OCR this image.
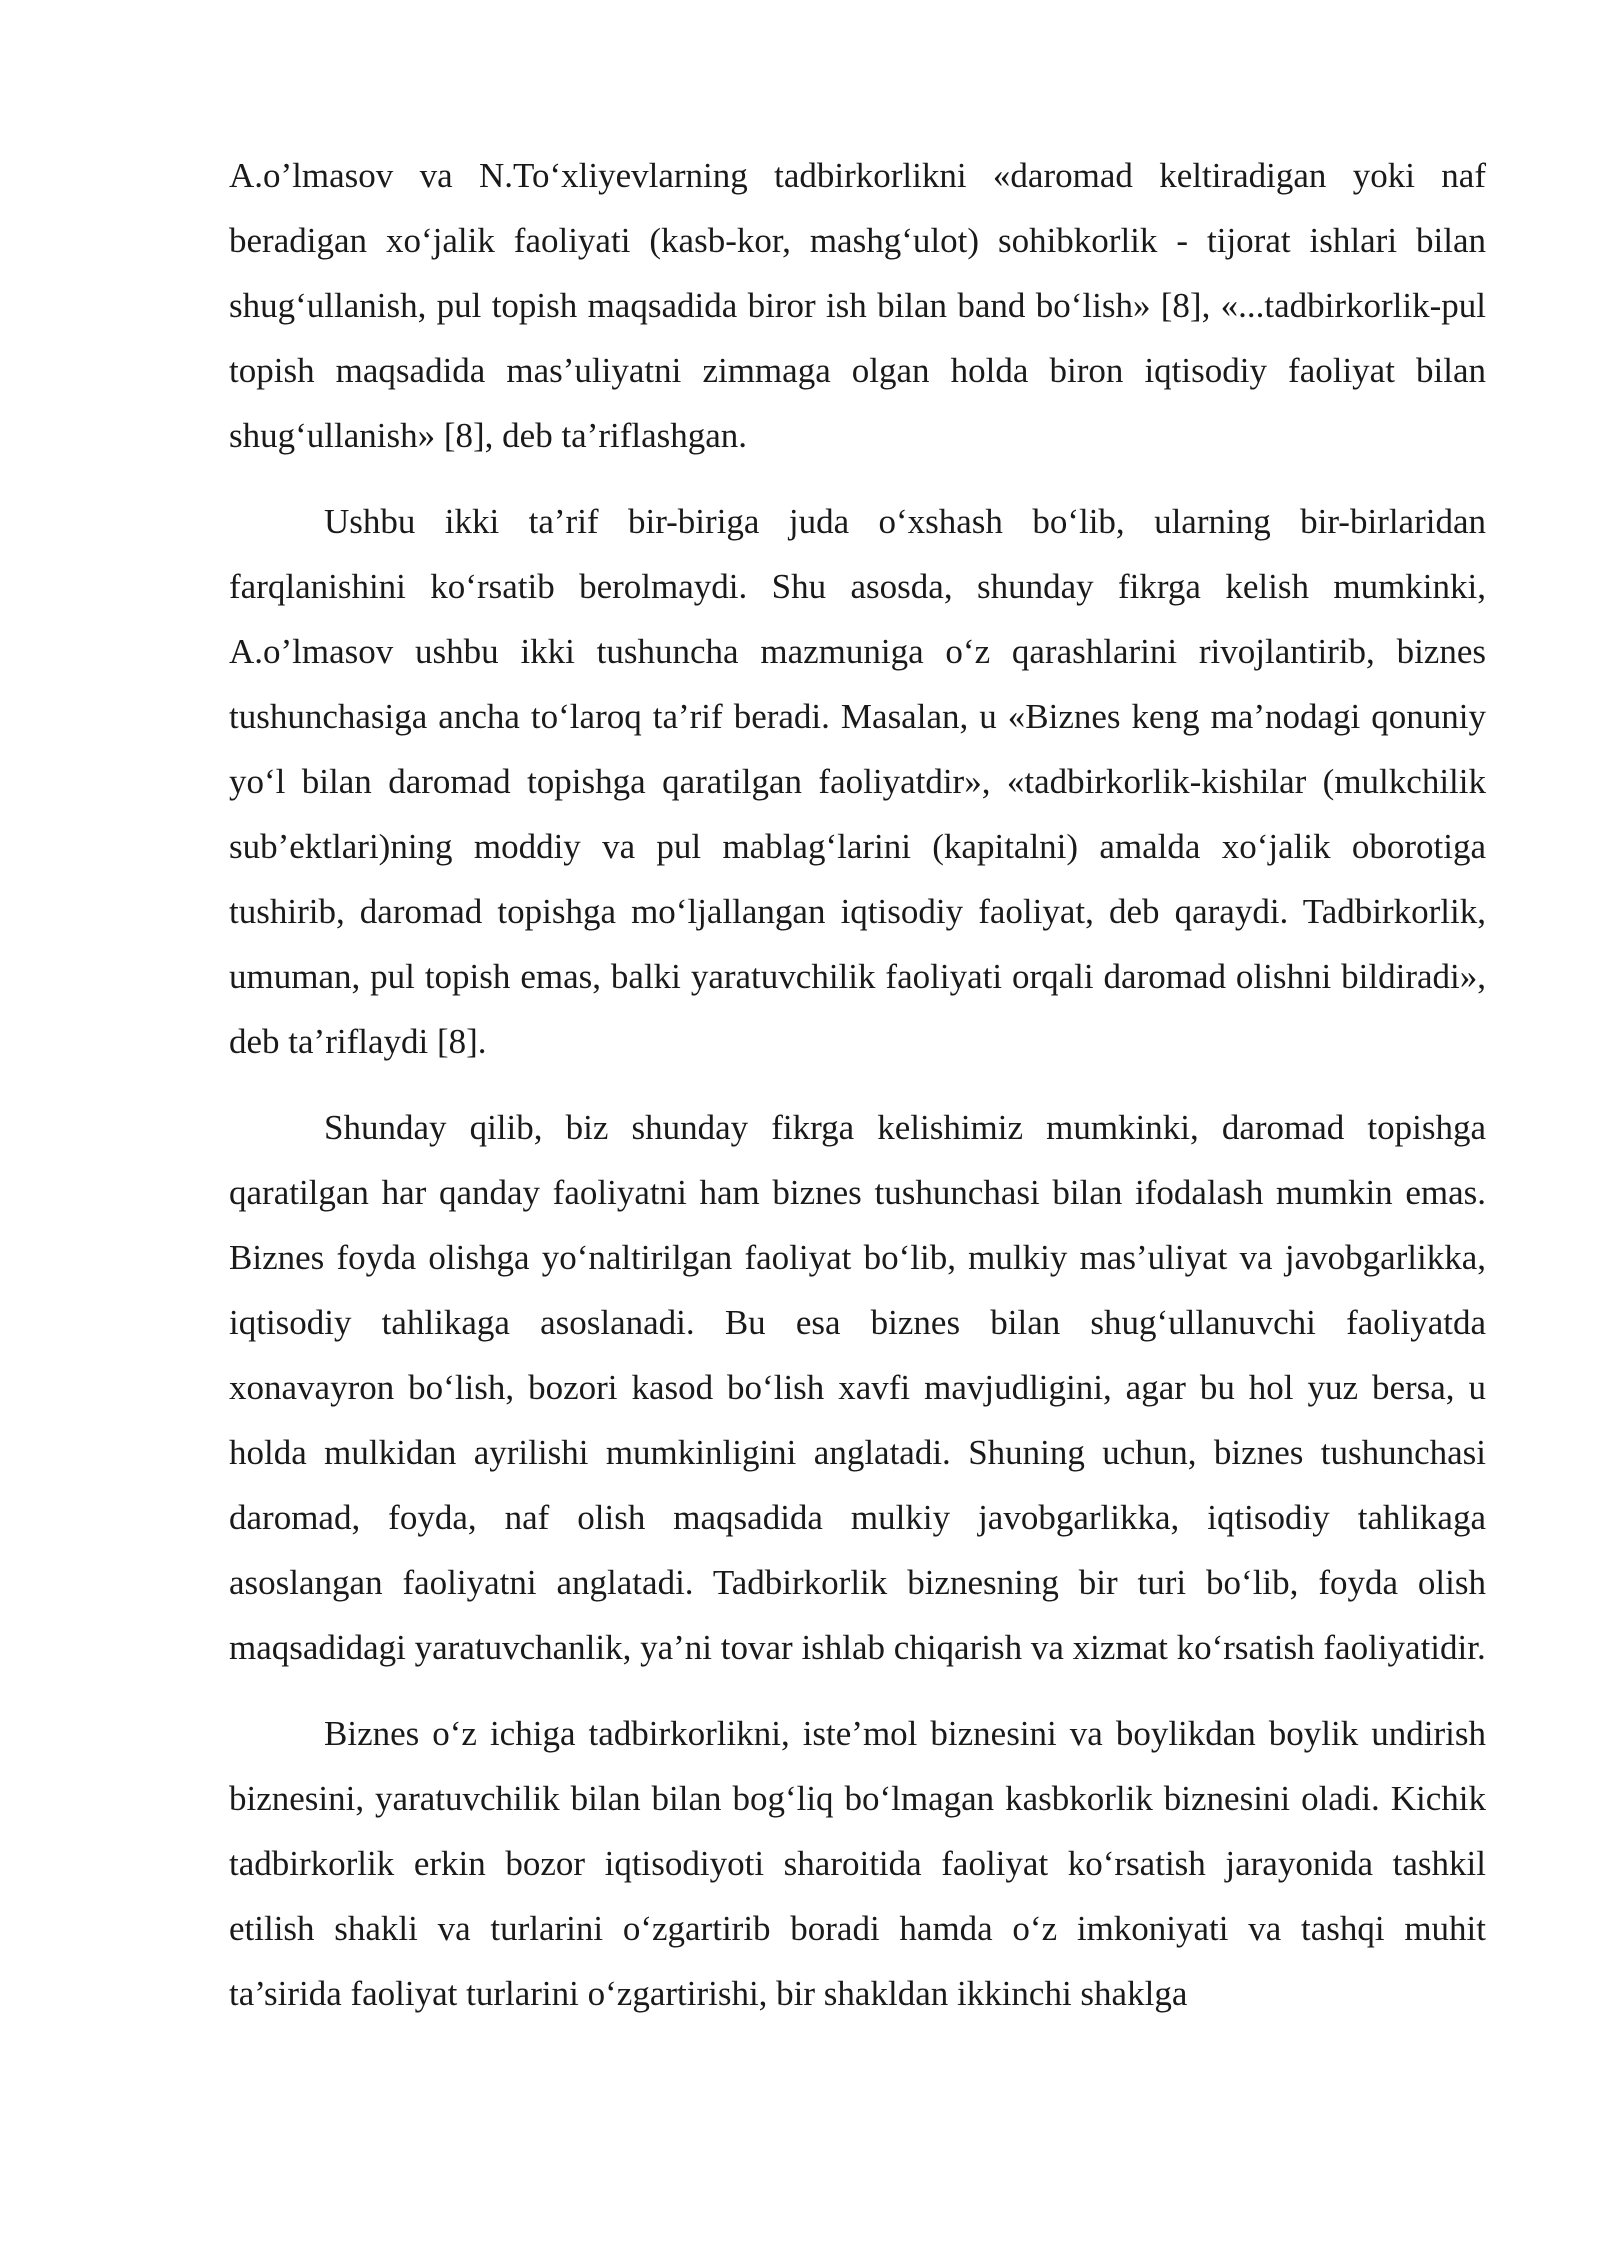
A.o’lmasov va N.To‘xliyevlarning tadbirkorlikni «daromad keltiradigan yoki naf beradigan xo‘jalik faoliyati (kasb-kor, mashg‘ulot) sohibkorlik - tijorat ishlari bilan shug‘ullanish, pul topish maqsadida biror ish bilan band bo‘lish» [8], «...tadbirkorlik-pul topish maqsadida mas’uliyatni zimmaga olgan holda biron iqtisodiy faoliyat bilan shug‘ullanish» [8], deb ta’riflashgan.

Ushbu ikki ta’rif bir-biriga juda o‘xshash bo‘lib, ularning bir-birlaridan farqlanishini ko‘rsatib berolmaydi. Shu asosda, shunday fikrga kelish mumkinki, A.o’lmasov ushbu ikki tushuncha mazmuniga o‘z qarashlarini rivojlantirib, biznes tushunchasiga ancha to‘laroq ta’rif beradi. Masalan, u «Biznes keng ma’nodagi qonuniy yo‘l bilan daromad topishga qaratilgan faoliyatdir», «tadbirkorlik-kishilar (mulkchilik sub’ektlari)ning moddiy va pul mablag‘larini (kapitalni) amalda xo‘jalik oborotiga tushirib, daromad topishga mo‘ljallangan iqtisodiy faoliyat, deb qaraydi. Tadbirkorlik, umuman, pul topish emas, balki yaratuvchilik faoliyati orqali daromad olishni bildiradi», deb ta’riflaydi [8].

Shunday qilib, biz shunday fikrga kelishimiz mumkinki, daromad topishga qaratilgan har qanday faoliyatni ham biznes tushunchasi bilan ifodalash mumkin emas. Biznes foyda olishga yo‘naltirilgan faoliyat bo‘lib, mulkiy mas’uliyat va javobgarlikka, iqtisodiy tahlikaga asoslanadi. Bu esa biznes bilan shug‘ullanuvchi faoliyatda xonavayron bo‘lish, bozori kasod bo‘lish xavfi mavjudligini, agar bu hol yuz bersa, u holda mulkidan ayrilishi mumkinligini anglatadi. Shuning uchun, biznes tushunchasi daromad, foyda, naf olish maqsadida mulkiy javobgarlikka, iqtisodiy tahlikaga asoslangan faoliyatni anglatadi. Tadbirkorlik biznesning bir turi bo‘lib, foyda olish maqsadidagi yaratuvchanlik, ya’ni tovar ishlab chiqarish va xizmat ko‘rsatish faoliyatidir.

Biznes o‘z ichiga tadbirkorlikni, iste’mol biznesini va boylikdan boylik undirish biznesini, yaratuvchilik bilan bilan bog‘liq bo‘lmagan kasbkorlik biznesini oladi. Kichik tadbirkorlik erkin bozor iqtisodiyoti sharoitida faoliyat ko‘rsatish jarayonida tashkil etilish shakli va turlarini o‘zgartirib boradi hamda o‘z imkoniyati va tashqi muhit ta’sirida faoliyat turlarini o‘zgartirishi, bir shakldan ikkinchi shaklga
